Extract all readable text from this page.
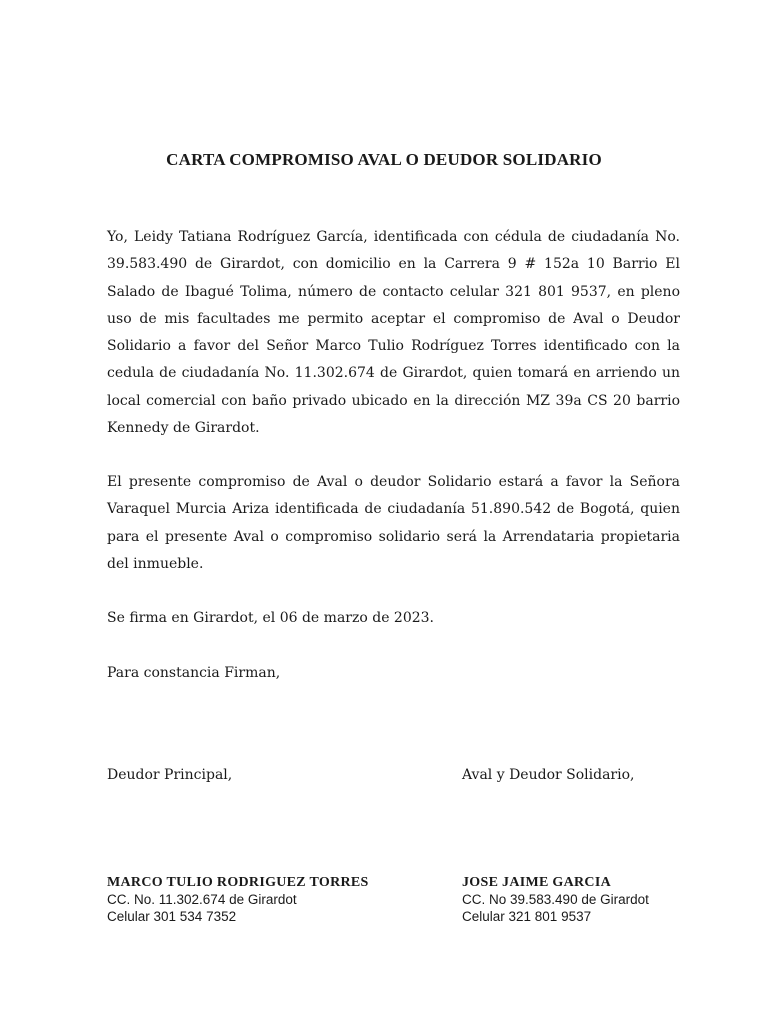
CARTA COMPROMISO AVAL O DEUDOR SOLIDARIO
Yo, Leidy Tatiana Rodríguez García, identificada con cédula de ciudadanía No. 39.583.490 de Girardot, con domicilio en la Carrera 9 # 152a 10 Barrio El Salado de Ibagué Tolima, número de contacto celular 321 801 9537, en pleno uso de mis facultades me permito aceptar el compromiso de Aval o Deudor Solidario a favor del Señor Marco Tulio Rodríguez Torres identificado con la cedula de ciudadanía No. 11.302.674 de Girardot, quien tomará en arriendo un local comercial con baño privado ubicado en la dirección MZ 39a CS 20 barrio Kennedy de Girardot.
El presente compromiso de Aval o deudor Solidario estará a favor la Señora Varaquel Murcia Ariza identificada de ciudadanía 51.890.542 de Bogotá, quien para el presente Aval o compromiso solidario será la Arrendataria propietaria del inmueble.
Se firma en Girardot, el 06 de marzo de 2023.
Para constancia Firman,
Deudor Principal,	Aval y Deudor Solidario,
MARCO TULIO RODRIGUEZ TORRES
CC. No. 11.302.674 de Girardot
Celular 301 534 7352
JOSE JAIME GARCIA
CC. No 39.583.490 de Girardot
Celular 321 801 9537
